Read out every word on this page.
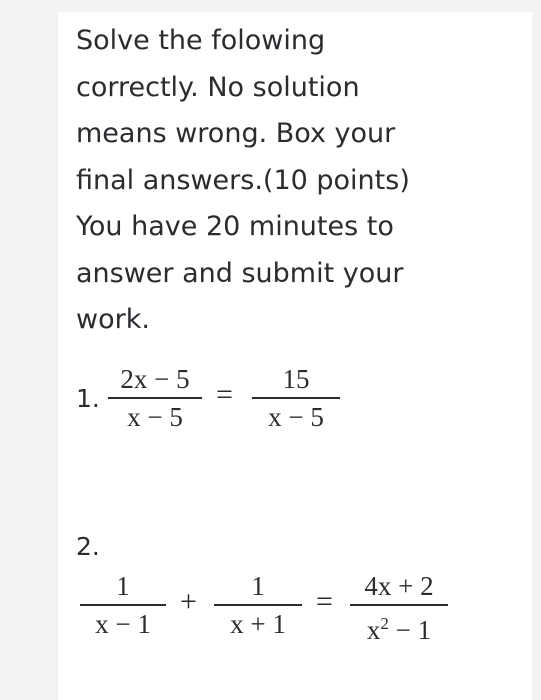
Solve the folowing
correctly. No solution
means wrong. Box your
final answers.(10 points)
You have 20 minutes to
answer and submit your
work.
1.
2x − 5
x − 5
=	15
x − 5
2.
1
x − 1
+	1
x + 1
=	4x + 2
$x^2 - 1$
